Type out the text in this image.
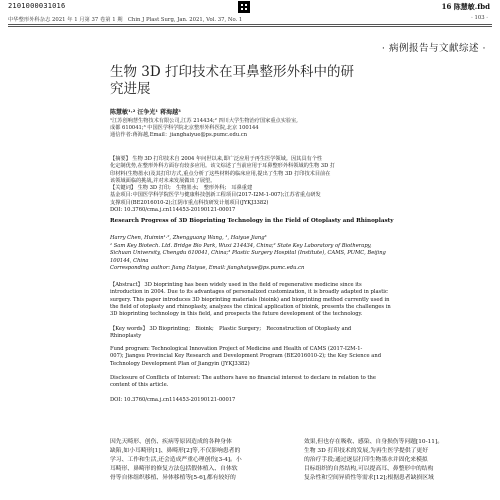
2101000031016	16 陈慧敏.fbd
中华整形外科杂志 2021 年 1 月第 37 卷第 1 期　Chin J Plast Surg, Jan. 2021, Vol. 37, No. 1	· 103 ·
· 病例报告与文献综述 ·
生物 3D 打印技术在耳鼻整形外科中的研
究进展
陈慧敏¹·² 汪争光¹ 蒋海越³
¹江苏创响慧生物技术有限公司,江苏 214434;² 四川大学生物治疗国家重点实验室,
成都 610041;³ 中国医学科学院北京整形外科医院,北京 100144
通信作者:蒋海越,Email：jianghaiyue@ps.pumc.edu.cn
【摘要】 生物 3D 打印技术自 2004 年问世以来,即广泛应用于再生医学领域。因其具有个性
化定制优势,在整形外科方面存有较多应用。该文综述了当前应用于耳鼻整形外科领域的生物 3D 打
印材料(生物墨水)及其打印方式,重点分析了这些材料的临床应用,提出了生物 3D 打印技术目前在
该领域面临的挑战,并对未来发展做出了展望。
【关键词】 生物 3D 打印;　生物墨水;　整形外科;　耳鼻重建
基金项目:中国医学科学院医学与健康科技创新工程项目(2017-I2M-1-007);江苏省重点研发
支撑项目(BE2016010-2);江阴市重点科技研发计划项目(JYKJ3382)
DOI: 10.3760/cma.j.cn114453-20190121-00017
Research Progress of 3D Bioprinting Technology in the Field of Otoplasty and Rhinoplasty
Harry Chen, Huimin¹·², Zhengguang Wang, ¹, Haiyue Jiang³
¹ Sam Key Biotech. Ltd. Bridge Bio Park, Wuxi 214434, China;² State Key Laboratory of Biotherapy,
Sichuan University, Chengdu 610041, China;³ Plastic Surgery Hospital (Institute), CAMS, PUMC, Beijing
100144, China
Corresponding author: Jiang Haiyue, Email: jianghaiyue@ps.pumc.edu.cn
【Abstract】 3D bioprinting has been widely used in the field of regenerative medicine since its
introduction in 2004. Due to its advantages of personalized customization, it is broadly adapted in plastic
surgery. This paper introduces 3D bioprinting materials (bioink) and bioprinting method currently used in
the field of otoplasty and rhinoplasty, analyzes the clinical application of bioink, presents the challenges in
3D bioprinting technology in this field, and prospects the future development of the technology.
【Key words】 3D Bioprinting;　Bioink;　Plastic Surgery;　Reconstruction of Otoplasty and
Rhinoplasty
Fund program: Technological Innovation Project of Medicine and Health of CAMS (2017-I2M-1-
007); Jiangsu Provincial Key Research and Development Program (BE2016010-2); the Key Science and
Technology Development Plan of Jiangyin (JYKJ3382)
Disclosure of Conflicts of Interest: The authors have no financial interest to declare in relation to the
content of this article.
DOI: 10.3760/cma.j.cn114453-20190121-00017
因先天畸形、创伤、疾病等原因造成的各种身体
缺陷,如小耳畸形[1]、鼻畸形[2]等,不仅影响患者的
学习、工作和生活,还会造成严重心理创伤[3-4]。小
耳畸形、鼻畸形的修复方法包括假体植入、自体软
骨等自体组织移植、异体移植等[5-6],都有较好的
效果,但也存在吸收、感染、自身损伤等问题[10-11]。
生物 3D 打印技术的发展,为再生医学提供了更好
的治疗手段;通过逐层打印生物墨水并固化来模拟
目标组织的自然结构,可以提高耳、鼻整形中的结构
复杂性和空间异质性等需求[12];根据患者缺损区域
